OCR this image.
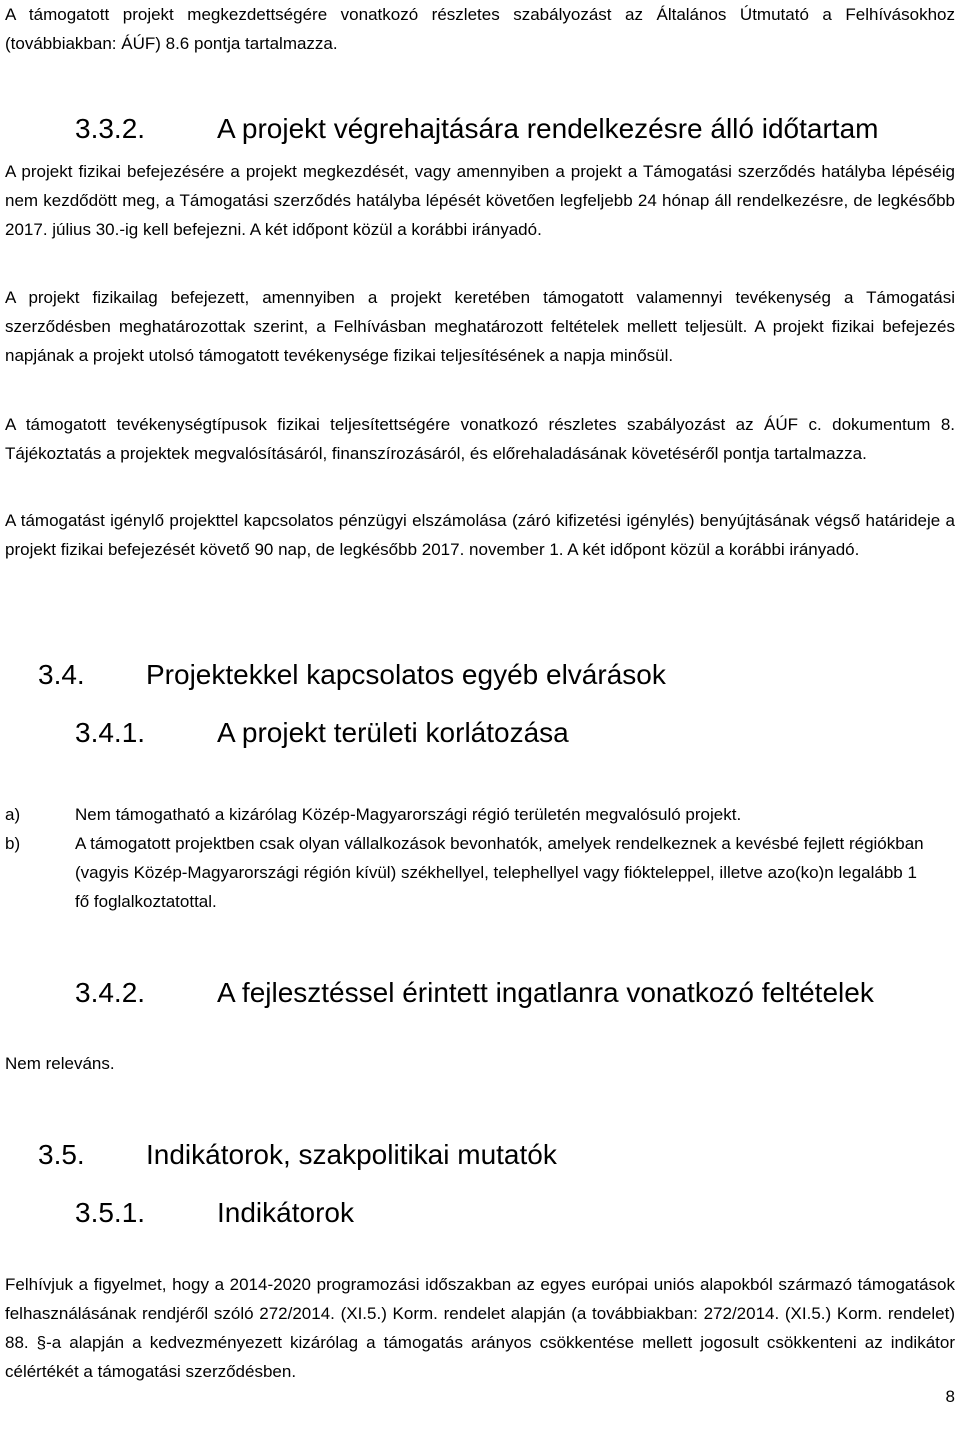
A támogatott projekt megkezdettségére vonatkozó részletes szabályozást az Általános Útmutató a Felhívásokhoz (továbbiakban: ÁÚF) 8.6 pontja tartalmazza.

3.3.2.	A projekt végrehajtására rendelkezésre álló időtartam

A projekt fizikai befejezésére a projekt megkezdését, vagy amennyiben a projekt a Támogatási szerződés hatályba lépéséig nem kezdődött meg, a Támogatási szerződés hatályba lépését követően legfeljebb 24 hónap áll rendelkezésre, de legkésőbb 2017. július 30.-ig kell befejezni. A két időpont közül a korábbi irányadó.

A projekt fizikailag befejezett, amennyiben a projekt keretében támogatott valamennyi tevékenység a Támogatási szerződésben meghatározottak szerint, a Felhívásban meghatározott feltételek mellett teljesült. A projekt fizikai befejezés napjának a projekt utolsó támogatott tevékenysége fizikai teljesítésének a napja minősül.

A támogatott tevékenységtípusok fizikai teljesítettségére vonatkozó részletes szabályozást az ÁÚF c. dokumentum 8. Tájékoztatás a projektek megvalósításáról, finanszírozásáról, és előrehaladásának követéséről pontja tartalmazza.

A támogatást igénylő projekttel kapcsolatos pénzügyi elszámolása (záró kifizetési igénylés) benyújtásának végső határideje a projekt fizikai befejezését követő 90 nap, de legkésőbb 2017. november 1. A két időpont közül a korábbi irányadó.

3.4. Projektekkel kapcsolatos egyéb elvárások
3.4.1.	A projekt területi korlátozása
a)	Nem támogatható a kizárólag Közép-Magyarországi régió területén megvalósuló projekt.
b)	A támogatott projektben csak olyan vállalkozások bevonhatók, amelyek rendelkeznek a kevésbé fejlett régiókban (vagyis Közép-Magyarországi régión kívül) székhellyel, telephellyel vagy fiókteleppel, illetve azo(ko)n legalább 1 fő foglalkoztatottal.
3.4.2.	A fejlesztéssel érintett ingatlanra vonatkozó feltételek

Nem releváns.

3.5. Indikátorok, szakpolitikai mutatók
3.5.1.	Indikátorok

Felhívjuk a figyelmet, hogy a 2014-2020 programozási időszakban az egyes európai uniós alapokból származó támogatások felhasználásának rendjéről szóló 272/2014. (XI.5.) Korm. rendelet alapján (a továbbiakban: 272/2014. (XI.5.) Korm. rendelet) 88. §-a alapján a kedvezményezett kizárólag a támogatás arányos csökkentése mellett jogosult csökkenteni az indikátor célértékét a támogatási szerződésben.

8
